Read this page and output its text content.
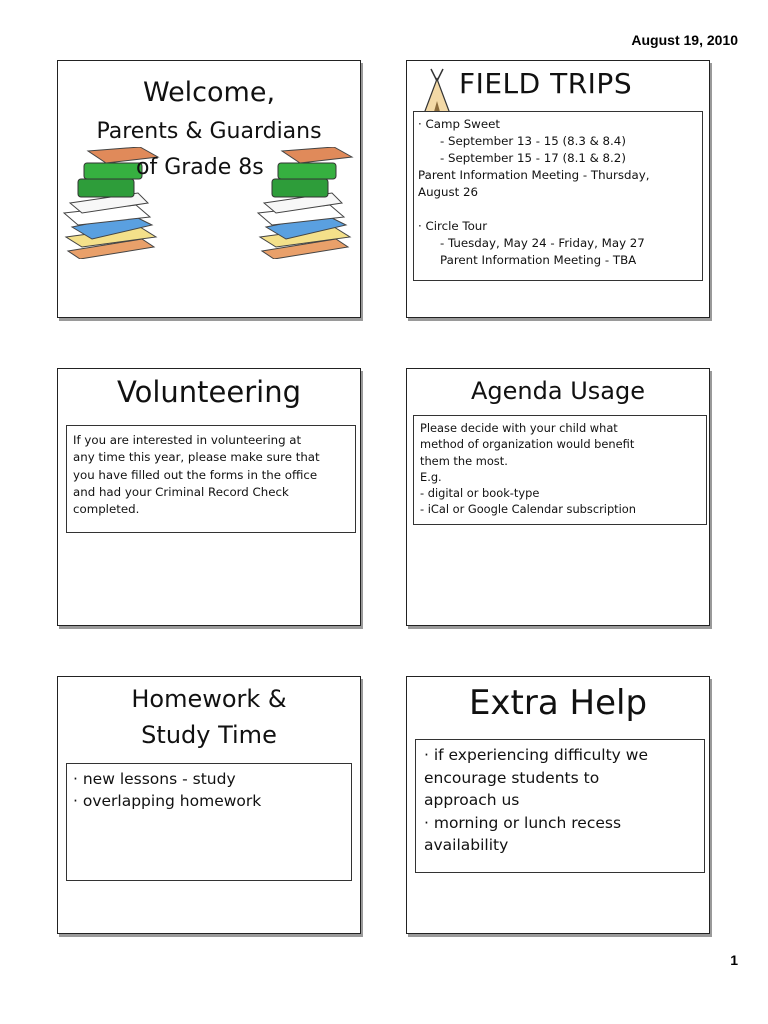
August 19, 2010
Welcome,
Parents & Guardians
of Grade 8s
FIELD TRIPS
· Camp Sweet
- September 13 - 15 (8.3 & 8.4)
- September 15 - 17 (8.1 & 8.2)
Parent Information Meeting - Thursday,
August 26
· Circle Tour
- Tuesday, May 24 - Friday, May 27
Parent Information Meeting - TBA
Volunteering
If you are interested in volunteering at
any time this year, please make sure that
you have filled out the forms in the office
and had your Criminal Record Check
completed.
Agenda Usage
Please decide with your child what
method of organization would benefit
them the most.
E.g.
- digital or book-type
- iCal or Google Calendar subscription
Homework &
Study Time
· new lessons - study
· overlapping homework
Extra Help
· if experiencing difficulty we
encourage students to
approach us
· morning or lunch recess
availability
1
